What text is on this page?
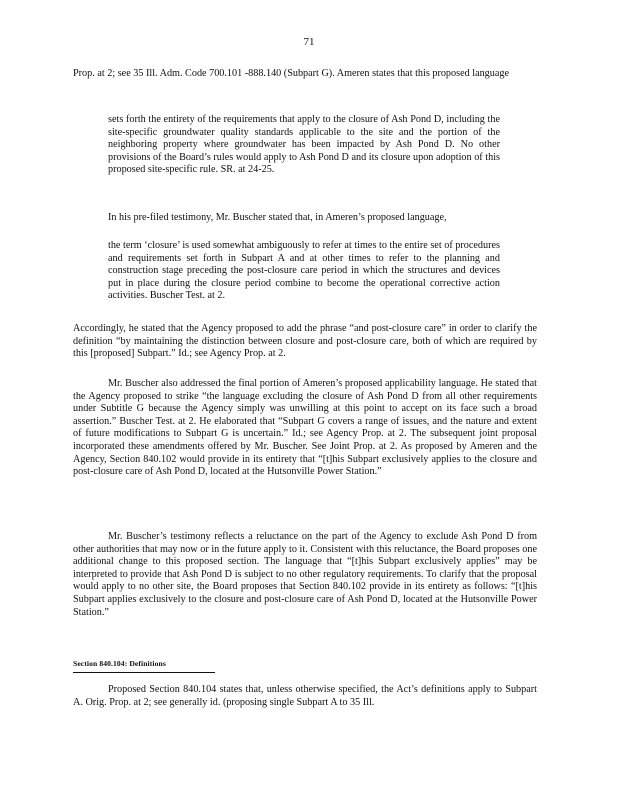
71

Prop. at 2; see 35 Ill. Adm. Code 700.101 -888.140 (Subpart G). Ameren states that this proposed language

sets forth the entirety of the requirements that apply to the closure of Ash Pond D, including the site-specific groundwater quality standards applicable to the site and the portion of the neighboring property where groundwater has been impacted by Ash Pond D. No other provisions of the Board’s rules would apply to Ash Pond D and its closure upon adoption of this proposed site-specific rule. SR. at 24-25.

In his pre-filed testimony, Mr. Buscher stated that, in Ameren’s proposed language,

the term ‘closure’ is used somewhat ambiguously to refer at times to the entire set of procedures and requirements set forth in Subpart A and at other times to refer to the planning and construction stage preceding the post-closure care period in which the structures and devices put in place during the closure period combine to become the operational corrective action activities. Buscher Test. at 2.

Accordingly, he stated that the Agency proposed to add the phrase “and post-closure care” in order to clarify the definition “by maintaining the distinction between closure and post-closure care, both of which are required by this [proposed] Subpart.” Id.; see Agency Prop. at 2.

Mr. Buscher also addressed the final portion of Ameren’s proposed applicability language. He stated that the Agency proposed to strike “the language excluding the closure of Ash Pond D from all other requirements under Subtitle G because the Agency simply was unwilling at this point to accept on its face such a broad assertion.” Buscher Test. at 2. He elaborated that “Subpart G covers a range of issues, and the nature and extent of future modifications to Subpart G is uncertain.” Id.; see Agency Prop. at 2. The subsequent joint proposal incorporated these amendments offered by Mr. Buscher. See Joint Prop. at 2. As proposed by Ameren and the Agency, Section 840.102 would provide in its entirety that “[t]his Subpart exclusively applies to the closure and post-closure care of Ash Pond D, located at the Hutsonville Power Station.”

Mr. Buscher’s testimony reflects a reluctance on the part of the Agency to exclude Ash Pond D from other authorities that may now or in the future apply to it. Consistent with this reluctance, the Board proposes one additional change to this proposed section. The language that “[t]his Subpart exclusively applies” may be interpreted to provide that Ash Pond D is subject to no other regulatory requirements. To clarify that the proposal would apply to no other site, the Board proposes that Section 840.102 provide in its entirety as follows: “[t]his Subpart applies exclusively to the closure and post-closure care of Ash Pond D, located at the Hutsonville Power Station.”

Section 840.104: Definitions

Proposed Section 840.104 states that, unless otherwise specified, the Act’s definitions apply to Subpart A. Orig. Prop. at 2; see generally id. (proposing single Subpart A to 35 Ill.
